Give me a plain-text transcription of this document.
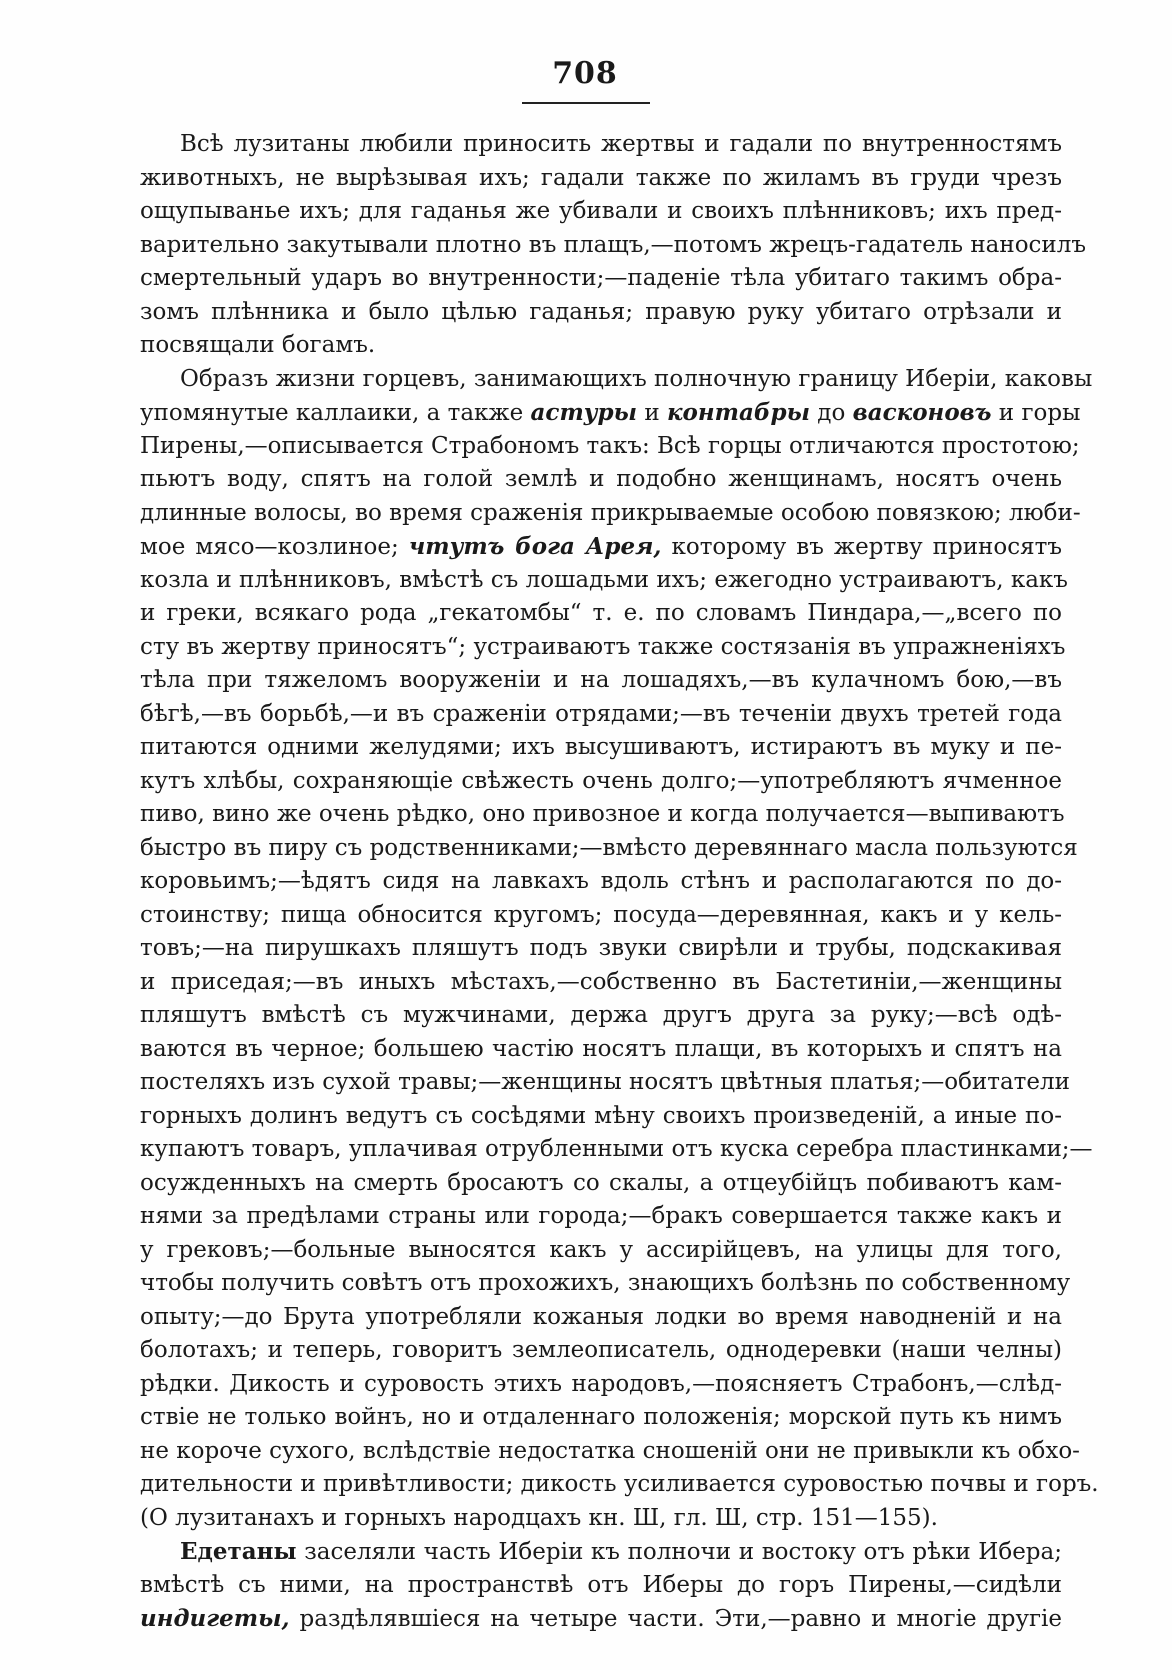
708
Всѣ лузитаны любили приносить жертвы и гадали по внутренностямъ
животныхъ, не вырѣзывая ихъ; гадали также по жиламъ въ груди чрезъ
ощупыванье ихъ; для гаданья же убивали и своихъ плѣнниковъ; ихъ пред-
варительно закутывали плотно въ плащъ,—потомъ жрецъ-гадатель наносилъ
смертельный ударъ во внутренности;—паденіе тѣла убитаго такимъ обра-
зомъ плѣнника и было цѣлью гаданья; правую руку убитаго отрѣзали и
посвящали богамъ.
Образъ жизни горцевъ, занимающихъ полночную границу Иберіи, каковы
упомянутые каллаики, а также астуры и контабры до васконовъ и горы
Пирены,—описывается Страбономъ такъ: Всѣ горцы отличаются простотою;
пьютъ воду, спятъ на голой землѣ и подобно женщинамъ, носятъ очень
длинные волосы, во время сраженія прикрываемые особою повязкою; люби-
мое мясо—козлиное; чтутъ бога Арея, которому въ жертву приносятъ
козла и плѣнниковъ, вмѣстѣ съ лошадьми ихъ; ежегодно устраиваютъ, какъ
и греки, всякаго рода „гекатомбы“ т. е. по словамъ Пиндара,—„всего по
сту въ жертву приносятъ“; устраиваютъ также состязанія въ упражненіяхъ
тѣла при тяжеломъ вооруженіи и на лошадяхъ,—въ кулачномъ бою,—въ
бѣгѣ,—въ борьбѣ,—и въ сраженіи отрядами;—въ теченіи двухъ третей года
питаются одними желудями; ихъ высушиваютъ, истираютъ въ муку и пе-
кутъ хлѣбы, сохраняющіе свѣжесть очень долго;—употребляютъ ячменное
пиво, вино же очень рѣдко, оно привозное и когда получается—выпиваютъ
быстро въ пиру съ родственниками;—вмѣсто деревяннаго масла пользуются
коровьимъ;—ѣдятъ сидя на лавкахъ вдоль стѣнъ и располагаются по до-
стоинству; пища обносится кругомъ; посуда—деревянная, какъ и у кель-
товъ;—на пирушкахъ пляшутъ подъ звуки свирѣли и трубы, подскакивая
и приседая;—въ иныхъ мѣстахъ,—собственно въ Бастетиніи,—женщины
пляшутъ вмѣстѣ съ мужчинами, держа другъ друга за руку;—всѣ одѣ-
ваются въ черное; большею частію носятъ плащи, въ которыхъ и спятъ на
постеляхъ изъ сухой травы;—женщины носятъ цвѣтныя платья;—обитатели
горныхъ долинъ ведутъ съ сосѣдями мѣну своихъ произведеній, а иные по-
купаютъ товаръ, уплачивая отрубленными отъ куска серебра пластинками;—
осужденныхъ на смерть бросаютъ со скалы, а отцеубійцъ побиваютъ кам-
нями за предѣлами страны или города;—бракъ совершается также какъ и
у грековъ;—больные выносятся какъ у ассирійцевъ, на улицы для того,
чтобы получить совѣтъ отъ прохожихъ, знающихъ болѣзнь по собственному
опыту;—до Брута употребляли кожаныя лодки во время наводненій и на
болотахъ; и теперь, говоритъ землеописатель, однодеревки (наши челны)
рѣдки. Дикость и суровость этихъ народовъ,—поясняетъ Страбонъ,—слѣд-
ствіе не только войнъ, но и отдаленнаго положенія; морской путь къ нимъ
не короче сухого, вслѣдствіе недостатка сношеній они не привыкли къ обхо-
дительности и привѣтливости; дикость усиливается суровостью почвы и горъ.
(О лузитанахъ и горныхъ народцахъ кн. Ш, гл. Ш, стр. 151—155).
Едетаны заселяли часть Иберіи къ полночи и востоку отъ рѣки Ибера;
вмѣстѣ съ ними, на пространствѣ отъ Иберы до горъ Пирены,—сидѣли
индигеты, раздѣлявшіеся на четыре части. Эти,—равно и многіе другіе
